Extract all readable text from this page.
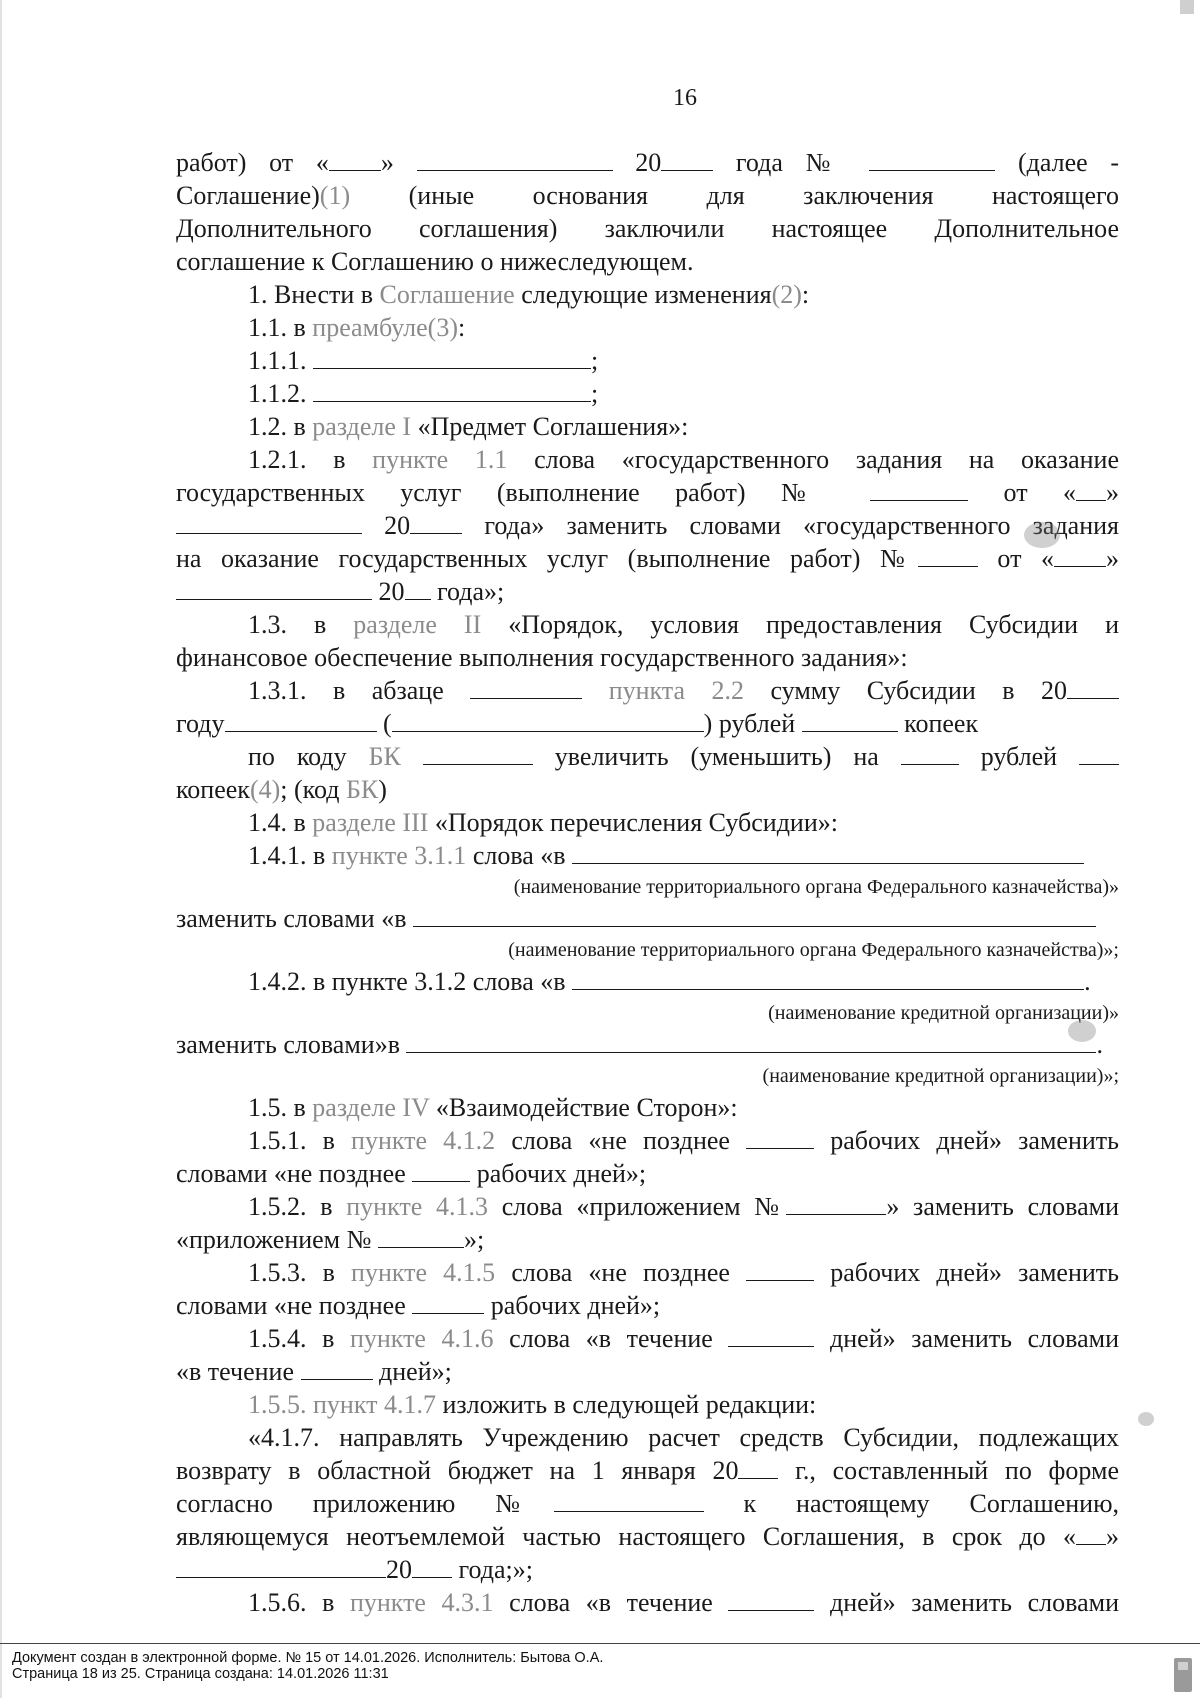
16

работ) от « »	20 года №	(далее -

Соглашение)(1) (иные основания для заключения настоящего

Дополнительного соглашения) заключили настоящее Дополнительное

соглашение к Соглашению о нижеследующем.

1. Внести в Соглашение следующие изменения(2):

1.1. в преамбуле(3):

1.1.1.	;

1.1.2.	;

1.2. в разделе I «Предмет Соглашения»:

1.2.1. в пункте 1.1 слова «государственного задания на оказание

государственных услуг (выполнение работ) №	от « »

20 года» заменить словами «государственного задания

на оказание государственных услуг (выполнение работ) № от « »

20 года»;

1.3. в разделе II «Порядок, условия предоставления Субсидии и

финансовое обеспечение выполнения государственного задания»:

1.3.1. в абзаце	пункта 2.2 сумму Субсидии в 20

году	(	) рублей	копеек

по коду БК	увеличить (уменьшить) на  рублей

копеек(4); (код БК)

1.4. в разделе III «Порядок перечисления Субсидии»:

1.4.1. в пункте 3.1.1 слова «в

(наименование территориального органа Федерального казначейства)»

заменить словами «в

(наименование территориального органа Федерального казначейства)»;

1.4.2. в пункте 3.1.2 слова «в	.

(наименование кредитной организации)»

заменить словами»в	.

(наименование кредитной организации)»;

1.5. в разделе IV «Взаимодействие Сторон»:

1.5.1. в пункте 4.1.2 слова «не позднее	рабочих дней» заменить

словами «не позднее  рабочих дней»;

1.5.2. в пункте 4.1.3 слова «приложением №	» заменить словами

«приложением №	»;

1.5.3. в пункте 4.1.5 слова «не позднее	рабочих дней» заменить

словами «не позднее	рабочих дней»;

1.5.4. в пункте 4.1.6 слова «в течение	дней» заменить словами

«в течение	дней»;

1.5.5. пункт 4.1.7 изложить в следующей редакции:

«4.1.7. направлять Учреждению расчет средств Субсидии, подлежащих

возврату в областной бюджет на 1 января 20 г., составленный по форме

согласно приложению №	к настоящему Соглашению,

являющемуся неотъемлемой частью настоящего Соглашения, в срок до « »

20 года;»;

1.5.6. в пункте 4.3.1 слова «в течение	дней» заменить словами

Документ создан в электронной форме. № 15 от 14.01.2026. Исполнитель: Бытова О.А.
Страница 18 из 25. Страница создана: 14.01.2026 11:31
